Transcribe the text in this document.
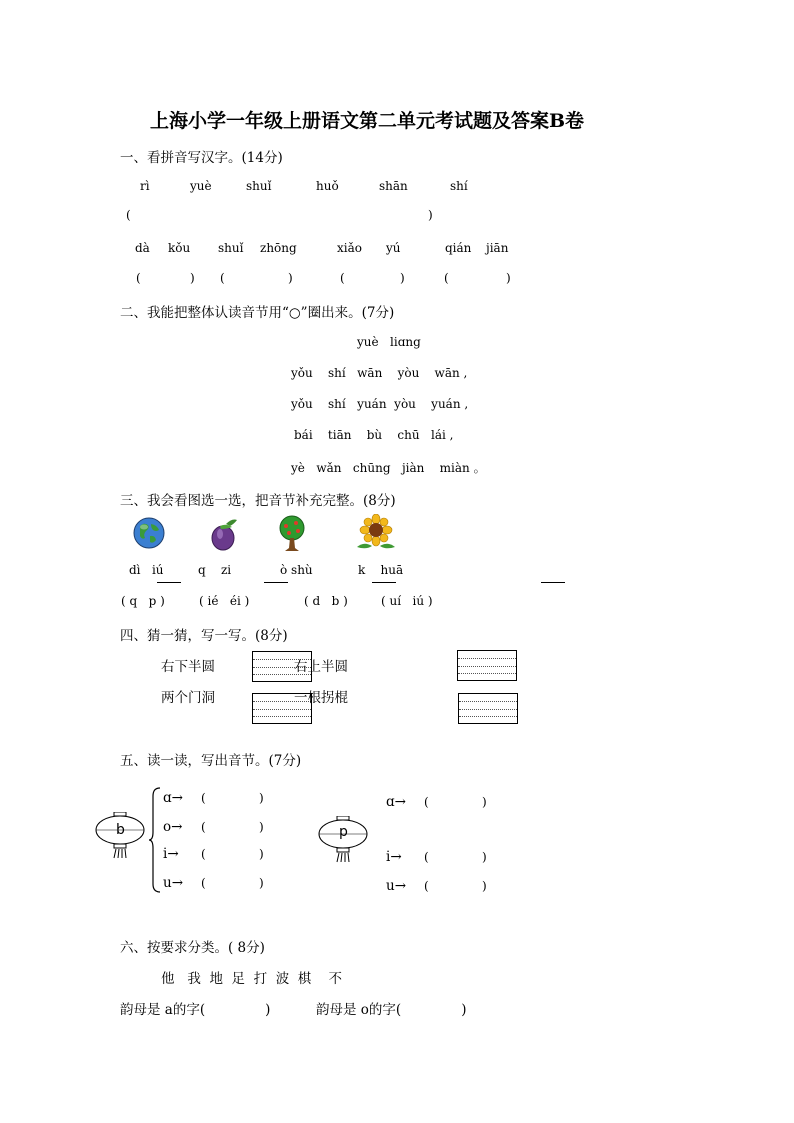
上海小学一年级上册语文第二单元考试题及答案B卷
一、看拼音写汉字。(14分)
rì	yuè	shuǐ	huǒ	shān	shí
(	)
dà kǒu shuǐ zhōng	xiǎo yú	qián jiān
(	) (	)	(	)	(	)
二、我能把整体认读音节用“○”圈出来。(7分)
yuè   liɑng
yǒu    shí   wān    yòu    wān ,
yǒu    shí   yuán  yòu    yuán ,
bái    tiān    bù    chū   lái ,
yè   wǎn   chūng   jiàn    miàn 。
三、我会看图选一选，把音节补充完整。(8分)
dì   iú	q    zi	ò shù	k    huā
( q   p )	( ié   éi )	( d   b )	( uí   iú )
四、猜一猜，写一写。(8分)
右下半圆	右上半圆
两个门洞	一根拐棍
五、读一读，写出音节。(7分)
b
ɑ→ (	)
o→ (	)
i→ (	)
u→ (	)
p
ɑ→ (	)
i→ (	)
u→ (	)
六、按要求分类。( 8分)
他   我  地  足  打  波  棋    不
韵母是 a的字(              )	韵母是 o的字(              )
